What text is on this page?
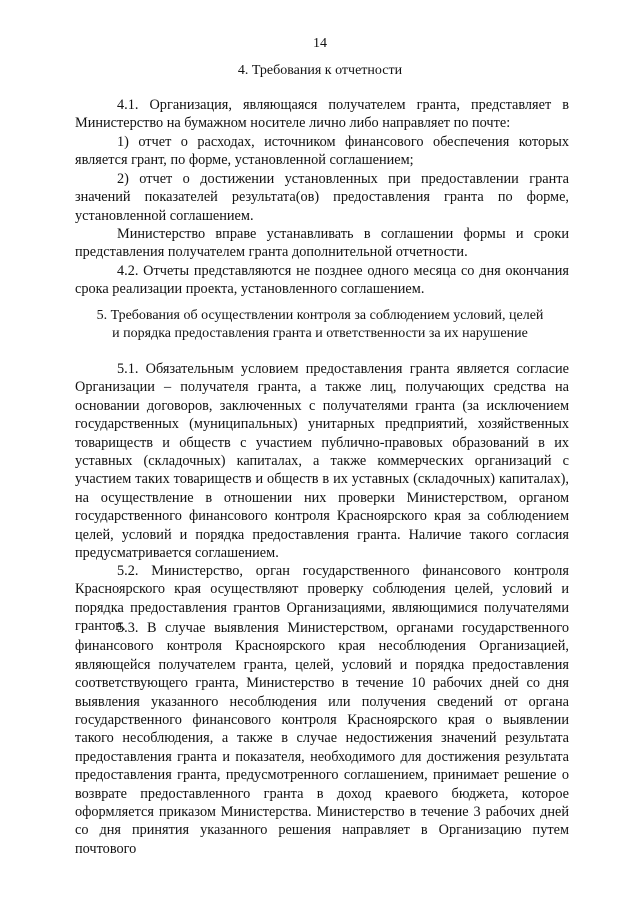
14
4. Требования к отчетности
4.1. Организация, являющаяся получателем гранта, представляет в Министерство на бумажном носителе лично либо направляет по почте:
1) отчет о расходах, источником финансового обеспечения которых является грант, по форме, установленной соглашением;
2) отчет о достижении установленных при предоставлении гранта значений показателей результата(ов) предоставления гранта по форме, установленной соглашением.
Министерство вправе устанавливать в соглашении формы и сроки представления получателем гранта дополнительной отчетности.
4.2. Отчеты представляются не позднее одного месяца со дня окончания срока реализации проекта, установленного соглашением.
5. Требования об осуществлении контроля за соблюдением условий, целей
и порядка предоставления гранта и ответственности за их нарушение
5.1. Обязательным условием предоставления гранта является согласие Организации – получателя гранта, а также лиц, получающих средства на основании договоров, заключенных с получателями гранта (за исключением государственных (муниципальных) унитарных предприятий, хозяйственных товариществ и обществ с участием публично-правовых образований в их уставных (складочных) капиталах, а также коммерческих организаций с участием таких товариществ и обществ в их уставных (складочных) капиталах), на осуществление в отношении них проверки Министерством, органом государственного финансового контроля Красноярского края за соблюдением целей, условий и порядка предоставления гранта. Наличие такого согласия предусматривается соглашением.
5.2. Министерство, орган государственного финансового контроля Красноярского края осуществляют проверку соблюдения целей, условий и порядка предоставления грантов Организациями, являющимися получателями грантов.
5.3. В случае выявления Министерством, органами государственного финансового контроля Красноярского края несоблюдения Организацией, являющейся получателем гранта, целей, условий и порядка предоставления соответствующего гранта, Министерство в течение 10 рабочих дней со дня выявления указанного несоблюдения или получения сведений от органа государственного финансового контроля Красноярского края о выявлении такого несоблюдения, а также в случае недостижения значений результата предоставления гранта и показателя, необходимого для достижения результата предоставления гранта, предусмотренного соглашением, принимает решение о возврате предоставленного гранта в доход краевого бюджета, которое оформляется приказом Министерства. Министерство в течение 3 рабочих дней со дня принятия указанного решения направляет в Организацию путем почтового
